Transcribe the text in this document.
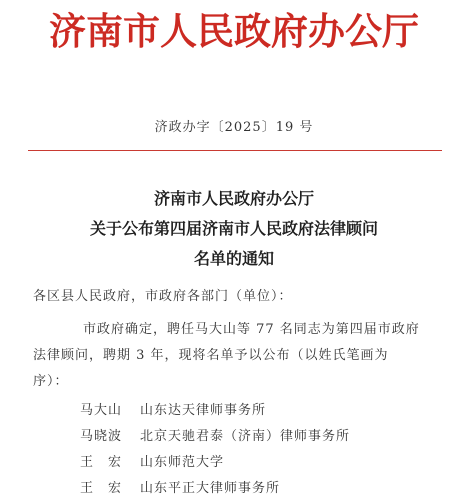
济南市人民政府办公厅
济政办字〔2025〕19 号
济南市人民政府办公厅
关于公布第四届济南市人民政府法律顾问
名单的通知
各区县人民政府，市政府各部门（单位）：
市政府确定，聘任马大山等 77 名同志为第四届市政府
法律顾问，聘期 3 年，现将名单予以公布（以姓氏笔画为
序）：
马大山	山东达天律师事务所
马晓波	北京天驰君泰（济南）律师事务所
王　宏	山东师范大学
王　宏	山东平正大律师事务所
